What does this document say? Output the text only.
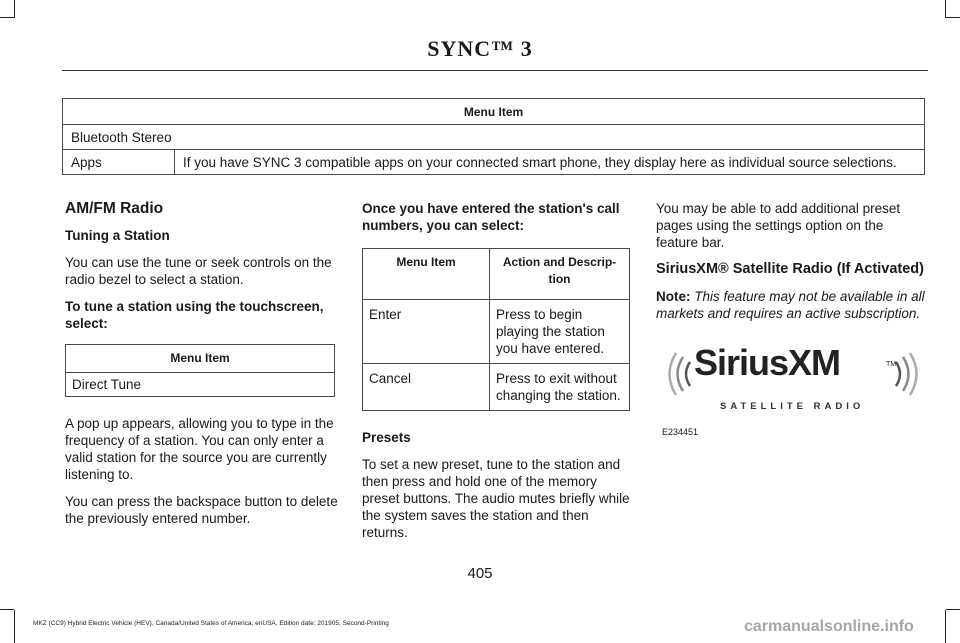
SYNC™ 3
Menu Item
Bluetooth Stereo
Apps	If you have SYNC 3 compatible apps on your connected smart phone, they display here as individual source selections.

AM/FM Radio

Tuning a Station

You can use the tune or seek controls on the radio bezel to select a station.

To tune a station using the touchscreen, select:

Menu Item
Direct Tune

A pop up appears, allowing you to type in the frequency of a station. You can only enter a valid station for the source you are currently listening to.

You can press the backspace button to delete the previously entered number.

Once you have entered the station's call numbers, you can select:

Menu Item	Action and Descrip-tion
Enter	Press to begin playing the station you have entered.
Cancel	Press to exit without changing the station.

Presets

To set a new preset, tune to the station and then press and hold one of the memory preset buttons. The audio mutes briefly while the system saves the station and then returns.

You may be able to add additional preset pages using the settings option on the feature bar.

SiriusXM® Satellite Radio (If Activated)

Note: This feature may not be available in all markets and requires an active subscription.

SiriusXM	TM
SATELLITE RADIO
E234451
405
MKZ (CC9) Hybrid Electric Vehicle (HEV), Canada/United States of America, enUSA, Edition date: 201905, Second-Printing	carmanualsonline.info
